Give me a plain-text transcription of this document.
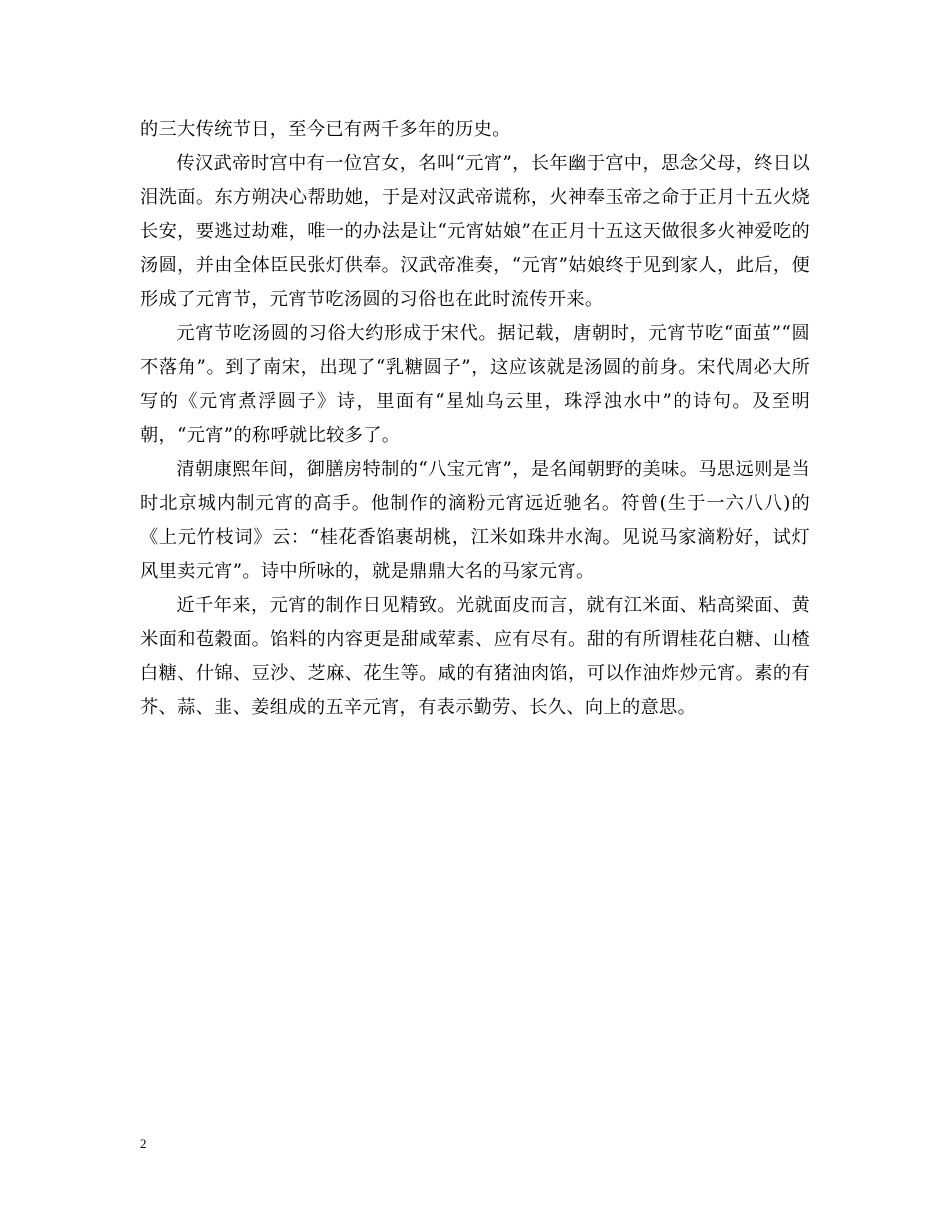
的三大传统节日，至今已有两千多年的历史。

传汉武帝时宫中有一位宫女，名叫“元宵”，长年幽于宫中，思念父母，终日以泪洗面。东方朔决心帮助她，于是对汉武帝谎称，火神奉玉帝之命于正月十五火烧长安，要逃过劫难，唯一的办法是让“元宵姑娘”在正月十五这天做很多火神爱吃的汤圆，并由全体臣民张灯供奉。汉武帝准奏，“元宵”姑娘终于见到家人，此后，便形成了元宵节，元宵节吃汤圆的习俗也在此时流传开来。

元宵节吃汤圆的习俗大约形成于宋代。据记载，唐朝时，元宵节吃“面茧”“圆不落角”。到了南宋，出现了“乳糖圆子”，这应该就是汤圆的前身。宋代周必大所写的《元宵煮浮圆子》诗，里面有“星灿乌云里，珠浮浊水中”的诗句。及至明朝，“元宵”的称呼就比较多了。

清朝康熙年间，御膳房特制的“八宝元宵”，是名闻朝野的美味。马思远则是当时北京城内制元宵的高手。他制作的滴粉元宵远近驰名。符曾(生于一六八八)的《上元竹枝词》云：“桂花香馅裹胡桃，江米如珠井水淘。见说马家滴粉好，试灯风里卖元宵”。诗中所咏的，就是鼎鼎大名的马家元宵。

近千年来，元宵的制作日见精致。光就面皮而言，就有江米面、粘高梁面、黄米面和苞穀面。馅料的内容更是甜咸荤素、应有尽有。甜的有所谓桂花白糖、山楂白糖、什锦、豆沙、芝麻、花生等。咸的有猪油肉馅，可以作油炸炒元宵。素的有芥、蒜、韭、姜组成的五辛元宵，有表示勤劳、长久、向上的意思。

2
